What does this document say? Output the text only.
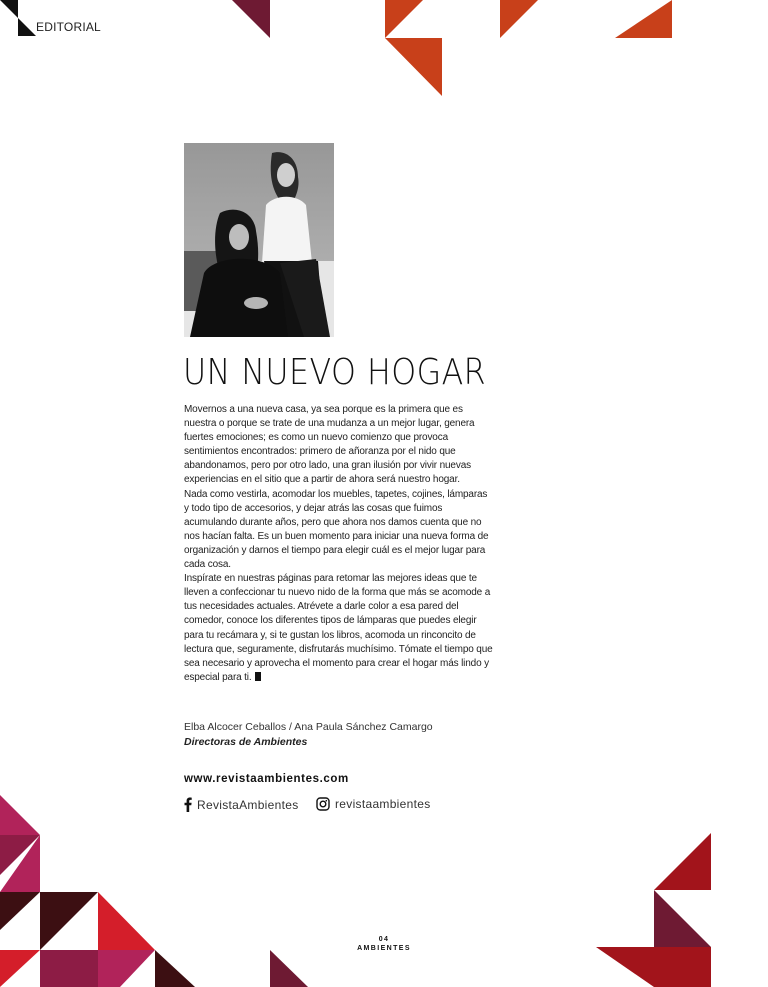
EDITORIAL
UN NUEVO HOGAR

Movernos a una nueva casa, ya sea porque es la primera que es nuestra o porque se trate de una mudanza a un mejor lugar, genera fuertes emociones; es como un nuevo comienzo que provoca sentimientos encontrados: primero de añoranza por el nido que abandonamos, pero por otro lado, una gran ilusión por vivir nuevas experiencias en el sitio que a partir de ahora será nuestro hogar.

Nada como vestirla, acomodar los muebles, tapetes, cojines, lámparas y todo tipo de accesorios, y dejar atrás las cosas que fuimos acumulando durante años, pero que ahora nos damos cuenta que no nos hacían falta. Es un buen momento para iniciar una nueva forma de organización y darnos el tiempo para elegir cuál es el mejor lugar para cada cosa.

Inspírate en nuestras páginas para retomar las mejores ideas que te lleven a confeccionar tu nuevo nido de la forma que más se acomode a tus necesidades actuales. Atrévete a darle color a esa pared del comedor, conoce los diferentes tipos de lámparas que puedes elegir para tu recámara y, si te gustan los libros, acomoda un rinconcito de lectura que, seguramente, disfrutarás muchísimo. Tómate el tiempo que sea necesario y aprovecha el momento para crear el hogar más lindo y especial para ti.

Elba Alcocer Ceballos / Ana Paula Sánchez Camargo
Directoras de Ambientes
www.revistaambientes.com
RevistaAmbientes	revistaambientes
04
AMBIENTES
